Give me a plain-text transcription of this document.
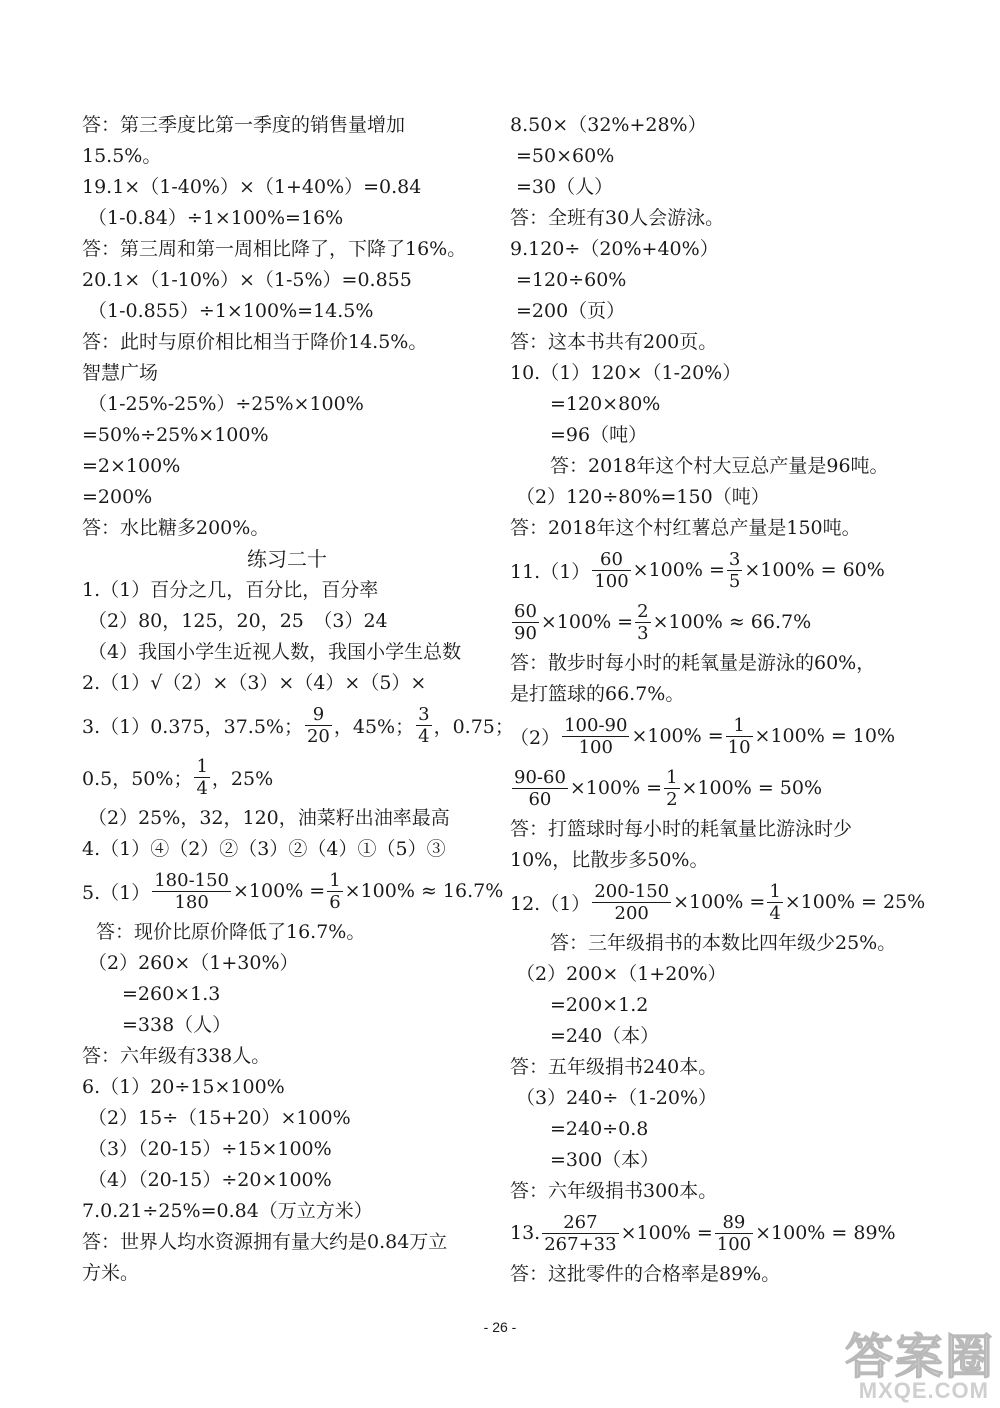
答：第三季度比第一季度的销售量增加
15.5%。
19.1×（1-40%）×（1+40%）=0.84
（1-0.84）÷1×100%=16%
答：第三周和第一周相比降了，下降了16%。
20.1×（1-10%）×（1-5%）=0.855
（1-0.855）÷1×100%=14.5%
答：此时与原价相比相当于降价14.5%。
智慧广场
（1-25%-25%）÷25%×100%
=50%÷25%×100%
=2×100%
=200%
答：水比糖多200%。
练习二十
1.（1）百分之几，百分比，百分率
（2）80，125，20，25　（3）24
（4）我国小学生近视人数，我国小学生总数
2.（1）√（2）×（3）×（4）×（5）×
3.（1）0.375，37.5%； $\frac{9}{20}$ ，45%； $\frac{3}{4}$ ，0.75；
0.5，50%； $\frac{1}{4}$ ，25%
（2）25%，32，120，油菜籽出油率最高
4.（1）④（2）②（3）②（4）①（5）③
$5.(1) \frac{180-150}{180} \times 100\% = \frac{1}{6} \times 100\% \approx 16.7\%$
答：现价比原价降低了16.7%。
（2）260×（1+30%）
=260×1.3
=338（人）
答：六年级有338人。
6.（1）20÷15×100%
（2）15÷（15+20）×100%
（3）（20-15）÷15×100%
（4）（20-15）÷20×100%
7.0.21÷25%=0.84（万立方米）
答：世界人均水资源拥有量大约是0.84万立
方米。
8.50×（32%+28%）
=50×60%
=30（人）
答：全班有30人会游泳。
9.120÷（20%+40%）
=120÷60%
=200（页）
答：这本书共有200页。
10.（1）120×（1-20%）
=120×80%
=96（吨）
答：2018年这个村大豆总产量是96吨。
（2）120÷80%=150（吨）
答：2018年这个村红薯总产量是150吨。
$11.(1) \frac{60}{100} \times 100\% = \frac{3}{5} \times 100\% = 60\%$
$\frac{60}{90} \times 100\% = \frac{2}{3} \times 100\% \approx 66.7\%$
答：散步时每小时的耗氧量是游泳的60%，
是打篮球的66.7%。
$(2) \frac{100-90}{100} \times 100\% = \frac{1}{10} \times 100\% = 10\%$
$\frac{90-60}{60} \times 100\% = \frac{1}{2} \times 100\% = 50\%$
答：打篮球时每小时的耗氧量比游泳时少
10%，比散步多50%。
$12.(1) \frac{200-150}{200} \times 100\% = \frac{1}{4} \times 100\% = 25\%$
答：三年级捐书的本数比四年级少25%。
（2）200×（1+20%）
=200×1.2
=240（本）
答：五年级捐书240本。
（3）240÷（1-20%）
=240÷0.8
=300（本）
答：六年级捐书300本。
13. $\frac{267}{267+33} \times 100\% = \frac{89}{100} \times 100\% = 89\%$
答：这批零件的合格率是89%。
- 26 -
答案圈
MXQE.COM
